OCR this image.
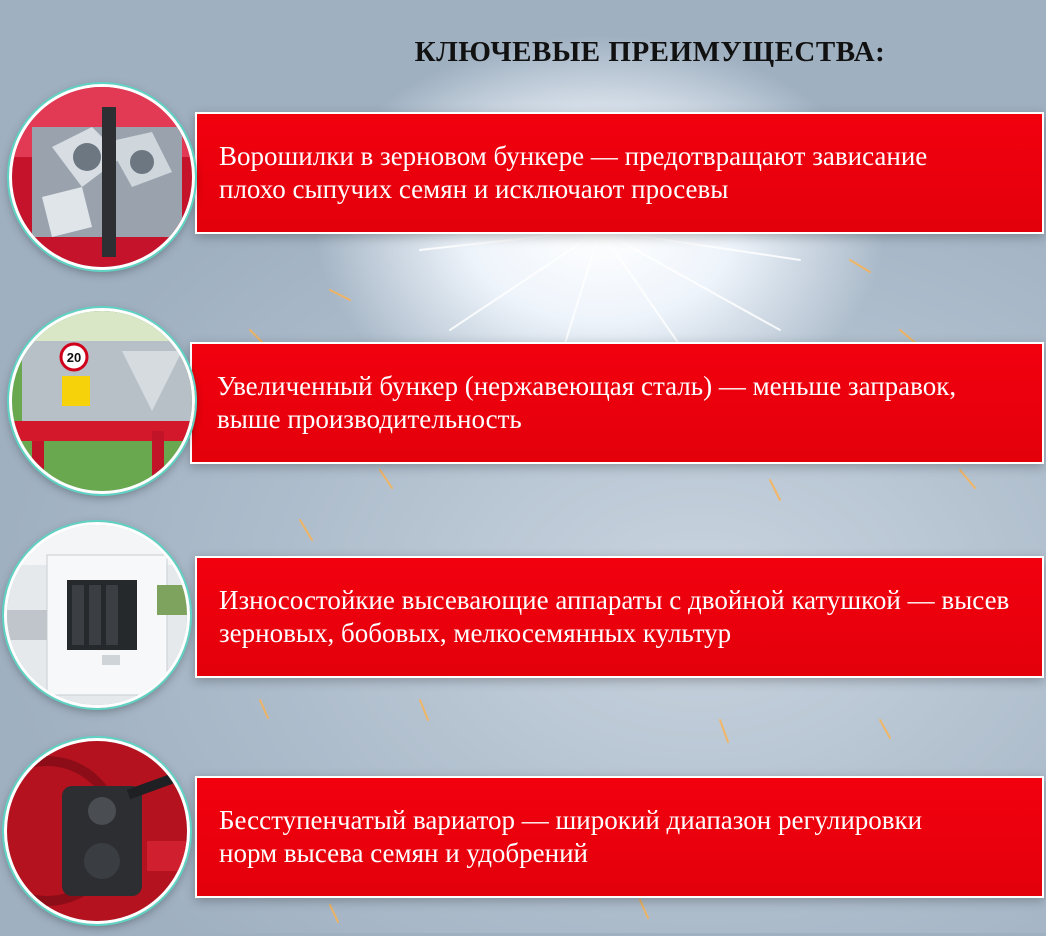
КЛЮЧЕВЫЕ ПРЕИМУЩЕСТВА:
Ворошилки в зерновом бункере — предотвращают зависание плохо сыпучих семян и исключают просевы
Увеличенный бункер (нержавеющая сталь) — меньше заправок, выше производительность
20
Износостойкие высевающие аппараты с двойной катушкой — высев зерновых, бобовых, мелкосемянных культур
Бесступенчатый вариатор — широкий диапазон регулировки норм высева семян и удобрений
